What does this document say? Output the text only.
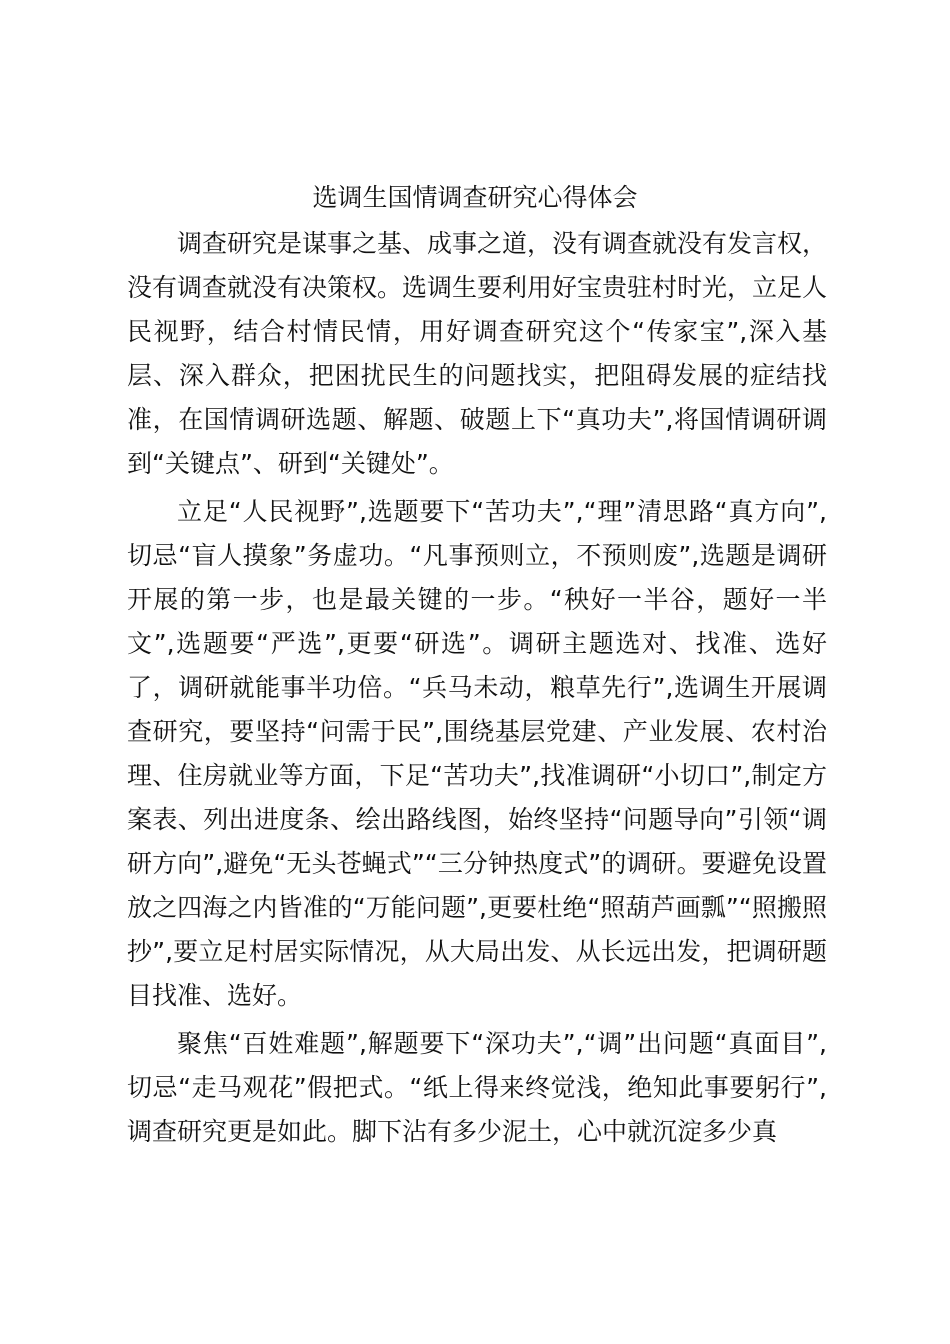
选调生国情调查研究心得体会

调查研究是谋事之基、成事之道，没有调查就没有发言权，没有调查就没有决策权。选调生要利用好宝贵驻村时光，立足人民视野，结合村情民情，用好调查研究这个“传家宝”,深入基层、深入群众，把困扰民生的问题找实，把阻碍发展的症结找准，在国情调研选题、解题、破题上下“真功夫”,将国情调研调到“关键点”、研到“关键处”。

立足“人民视野”,选题要下“苦功夫”,“理”清思路“真方向”,切忌“盲人摸象”务虚功。“凡事预则立，不预则废”,选题是调研开展的第一步，也是最关键的一步。“秧好一半谷，题好一半文”,选题要“严选”,更要“研选”。调研主题选对、找准、选好了，调研就能事半功倍。“兵马未动，粮草先行”,选调生开展调查研究，要坚持“问需于民”,围绕基层党建、产业发展、农村治理、住房就业等方面，下足“苦功夫”,找准调研“小切口”,制定方案表、列出进度条、绘出路线图，始终坚持“问题导向”引领“调研方向”,避免“无头苍蝇式”“三分钟热度式”的调研。要避免设置放之四海之内皆准的“万能问题”,更要杜绝“照葫芦画瓢”“照搬照抄”,要立足村居实际情况，从大局出发、从长远出发，把调研题目找准、选好。

聚焦“百姓难题”,解题要下“深功夫”,“调”出问题“真面目”,切忌“走马观花”假把式。“纸上得来终觉浅，绝知此事要躬行”,调查研究更是如此。脚下沾有多少泥土，心中就沉淀多少真
